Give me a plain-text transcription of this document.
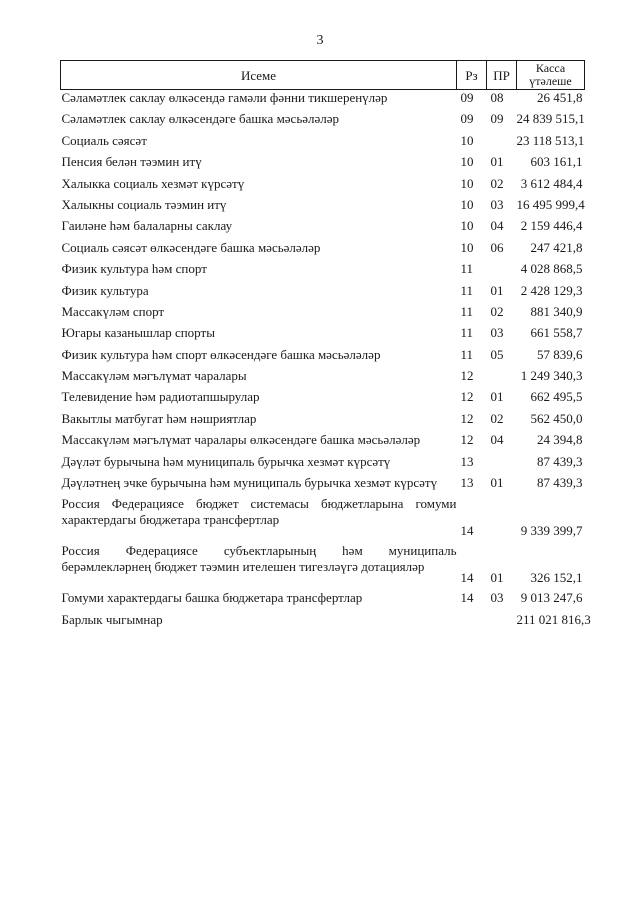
3
Исеме	Рз	ПР	Касса
үтәлеше
Сәламәтлек саклау өлкәсендә гамәли фәнни тикшеренүләр	09	08	26 451,8
Сәламәтлек саклау өлкәсендәге башка мәсьәләләр	09	09	24 839 515,1
Социаль сәясәт	10		23 118 513,1
Пенсия белән тәэмин итү	10	01	603 161,1
Халыкка социаль хезмәт күрсәтү	10	02	3 612 484,4
Халыкны социаль тәэмин итү	10	03	16 495 999,4
Гаиләне һәм балаларны саклау	10	04	2 159 446,4
Социаль сәясәт өлкәсендәге башка мәсьәләләр	10	06	247 421,8
Физик культура һәм спорт	11		4 028 868,5
Физик культура	11	01	2 428 129,3
Массакүләм спорт	11	02	881 340,9
Югары казанышлар спорты	11	03	661 558,7
Физик культура һәм спорт өлкәсендәге башка мәсьәләләр	11	05	57 839,6
Массакүләм мәгълүмат чаралары	12		1 249 340,3
Телевидение һәм радиотапшырулар	12	01	662 495,5
Вакытлы матбугат һәм нәшриятлар	12	02	562 450,0
Массакүләм мәгълүмат чаралары өлкәсендәге башка мәсьәләләр	12	04	24 394,8
Дәүләт бурычына һәм муниципаль бурычка хезмәт күрсәтү	13		87 439,3
Дәүләтнең эчке бурычына һәм муниципаль бурычка хезмәт күрсәтү	13	01	87 439,3
Россия Федерациясе бюджет системасы бюджетларына гомуми характердагы бюджетара трансфертлар	14		9 339 399,7
Россия Федерациясе субъектларының һәм муниципаль берәмлекләрнең бюджет тәэмин ителешен тигезләүгә дотацияләр	14	01	326 152,1
Гомуми характердагы башка бюджетара трансфертлар	14	03	9 013 247,6
Барлык чыгымнар			211 021 816,3
